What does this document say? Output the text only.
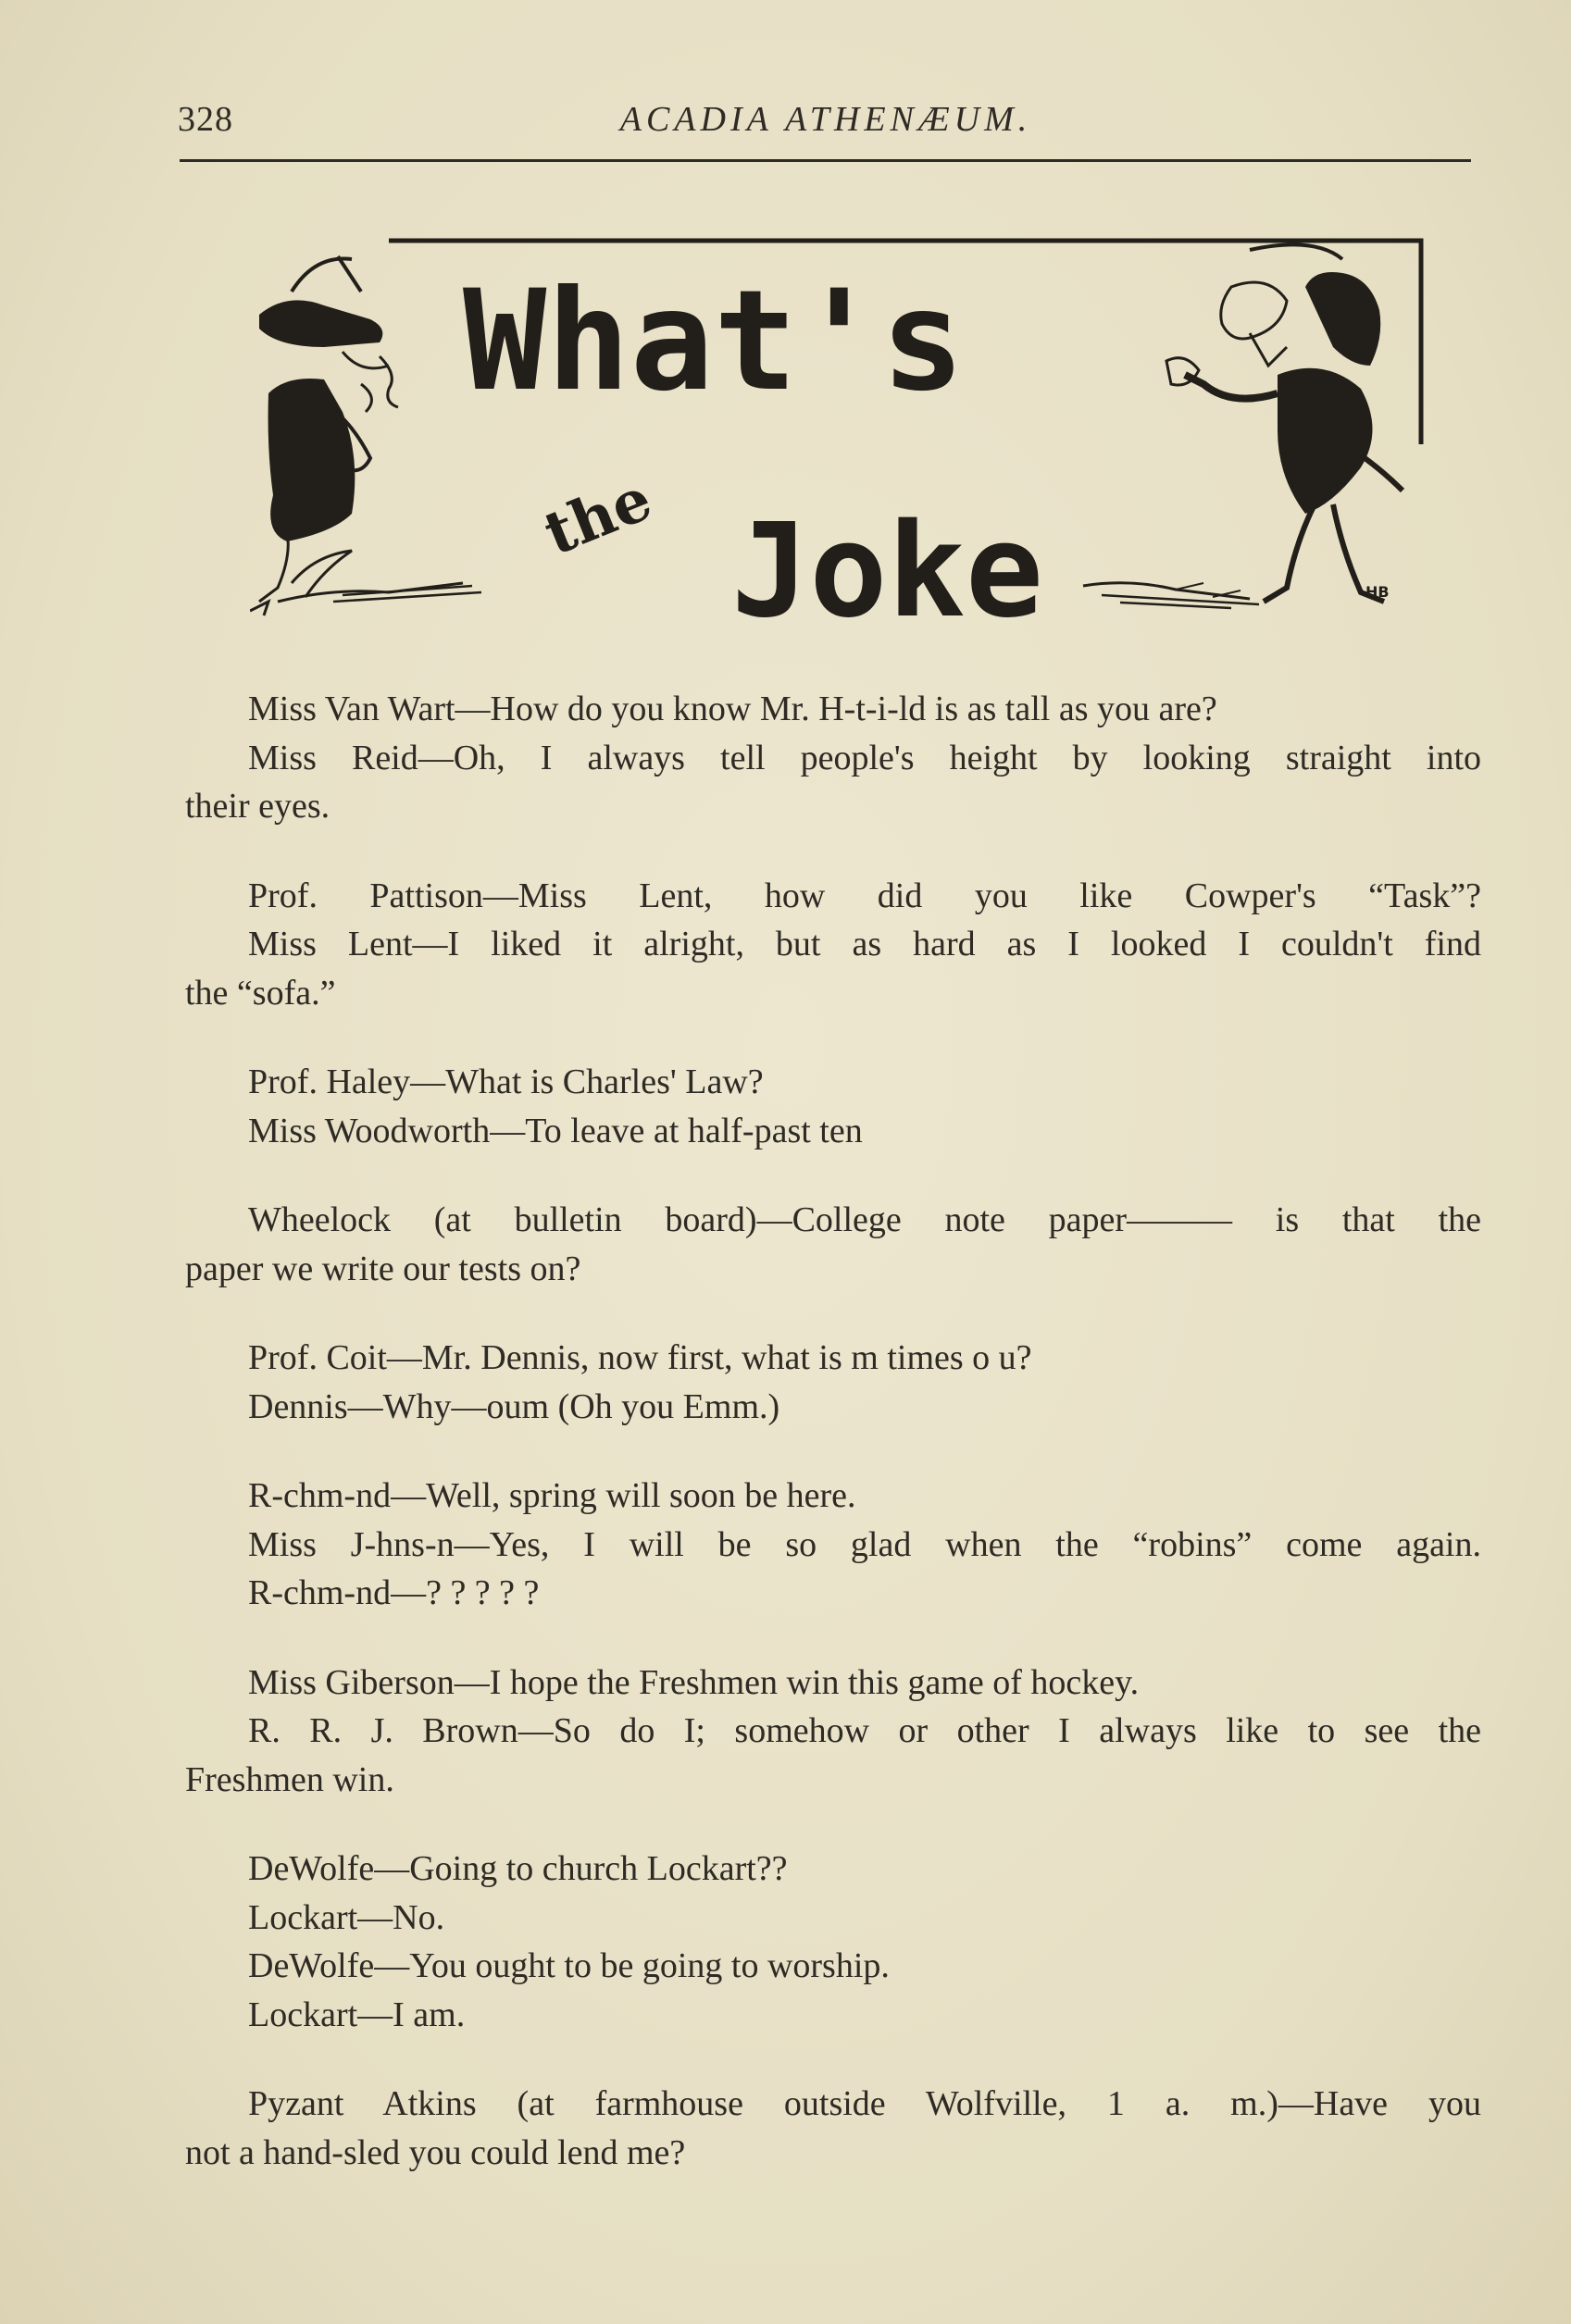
328	ACADIA ATHENÆUM.
What's
the Joke	HB
Miss Van Wart—How do you know Mr. H-t-i-ld is as tall as you are?
Miss Reid—Oh, I always tell people's height by looking straight into
their eyes.
Prof. Pattison—Miss Lent, how did you like Cowper's “Task”?
Miss Lent—I liked it alright, but as hard as I looked I couldn't find
the “sofa.”
Prof. Haley—What is Charles' Law?
Miss Woodworth—To leave at half-past ten
Wheelock (at bulletin board)—College note paper——— is that the
paper we write our tests on?
Prof. Coit—Mr. Dennis, now first, what is m times o u?
Dennis—Why—oum (Oh you Emm.)
R-chm-nd—Well, spring will soon be here.
Miss J-hns-n—Yes, I will be so glad when the “robins” come again.
R-chm-nd—? ? ? ? ?
Miss Giberson—I hope the Freshmen win this game of hockey.
R. R. J. Brown—So do I; somehow or other I always like to see the
Freshmen win.
DeWolfe—Going to church Lockart??
Lockart—No.
DeWolfe—You ought to be going to worship.
Lockart—I am.
Pyzant Atkins (at farmhouse outside Wolfville, 1 a. m.)—Have you
not a hand-sled you could lend me?
